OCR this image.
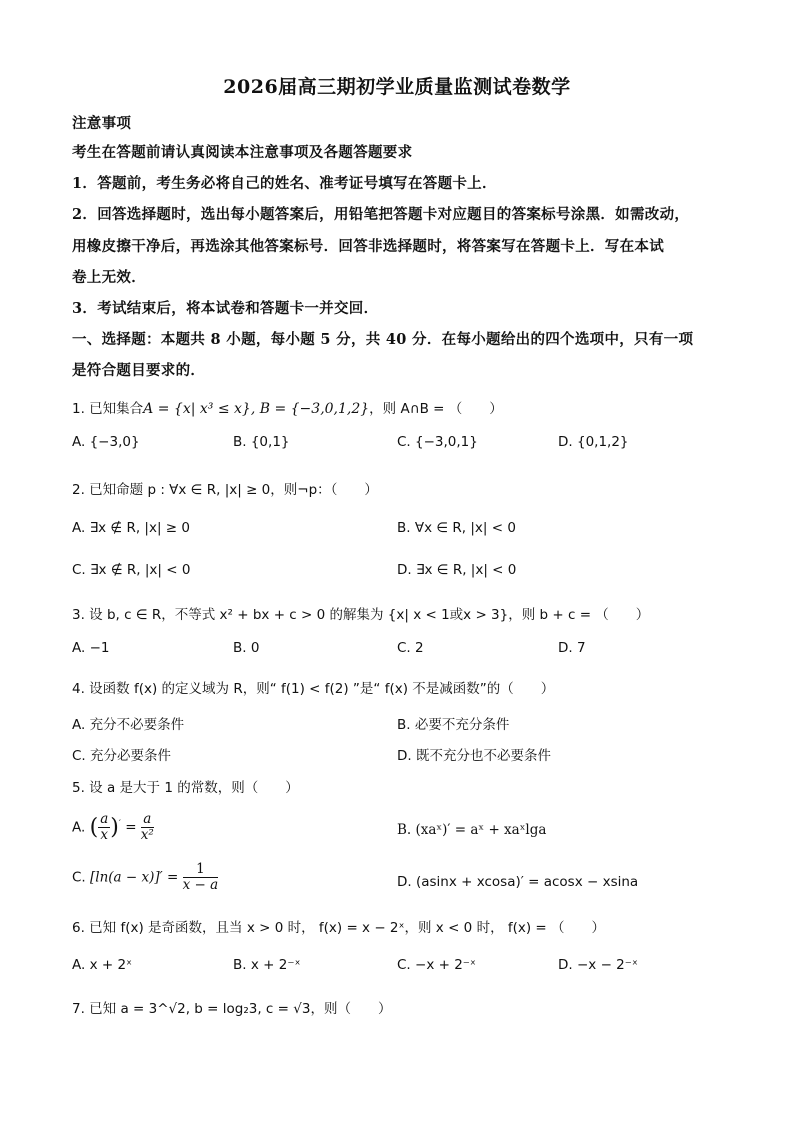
2026届高三期初学业质量监测试卷数学
注意事项
考生在答题前请认真阅读本注意事项及各题答题要求
1．答题前，考生务必将自己的姓名、准考证号填写在答题卡上．
2．回答选择题时，选出每小题答案后，用铅笔把答题卡对应题目的答案标号涂黑．如需改动，
用橡皮擦干净后，再选涂其他答案标号．回答非选择题时，将答案写在答题卡上．写在本试
卷上无效．
3．考试结束后，将本试卷和答题卡一并交回．
一、选择题：本题共 8 小题，每小题 5 分，共 40 分．在每小题给出的四个选项中，只有一项
是符合题目要求的．
1. 已知集合A = {x| x³ ≤ x}, B = {−3,0,1,2}，则 A∩B = （　　）
A. {−3,0}	B. {0,1}	C. {−3,0,1}	D. {0,1,2}
2. 已知命题 p : ∀x ∈ R, |x| ≥ 0，则¬p：（　　）
A. ∃x ∉ R, |x| ≥ 0	B. ∀x ∈ R, |x| < 0
C. ∃x ∉ R, |x| < 0	D. ∃x ∈ R, |x| < 0
3. 设 b, c ∈ R，不等式 x² + bx + c > 0 的解集为 {x| x < 1或x > 3}，则 b + c = （　　）
A. −1	B. 0	C. 2	D. 7
4. 设函数 f(x) 的定义域为 R，则“ f(1) < f(2) ”是“ f(x) 不是减函数”的（　　）
A. 充分不必要条件	B. 必要不充分条件
C. 充分必要条件	D. 既不充分也不必要条件
5. 设 a 是大于 1 的常数，则（　　）
A. ( $\frac{a}{x} )' = \frac{a}{\text{x²}}$	B. (xaˣ)′ = aˣ + xaˣlga
C. $[\ln(a - x)]' = \frac{1}{x - a}$	D. (asinx + xcosa)′ = acosx − xsina
6. 已知 f(x) 是奇函数，且当 x > 0 时， f(x) = x − 2ˣ，则 x < 0 时， f(x) = （　　）
A. x + 2ˣ	B. x + 2⁻ˣ	C. −x + 2⁻ˣ	D. −x − 2⁻ˣ
7. 已知 a = 3^√2, b = log₂3, c = √3，则（　　）
